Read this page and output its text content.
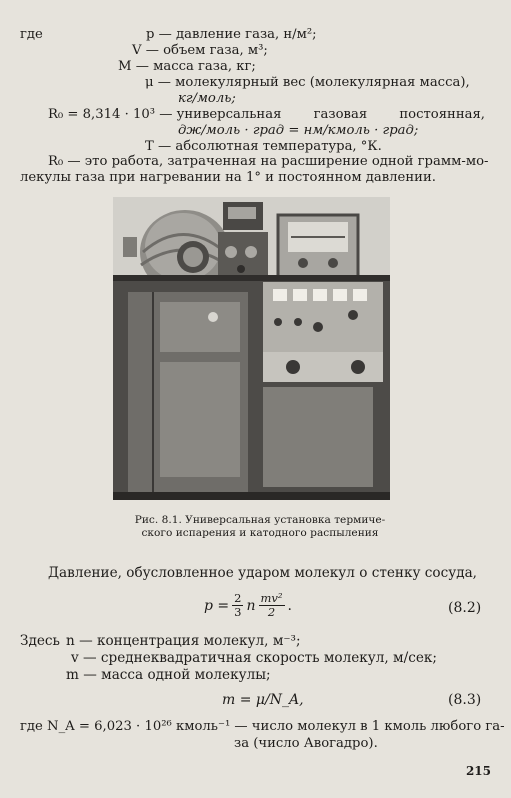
где	p — давление газа, н/м²;
V — объем газа, м³;
M — масса газа, кг;
μ — молекулярный вес (молекулярная масса),
кг/моль;
R₀ = 8,314 · 10³ — универсальная газовая постоянная,
дж/моль · град = нм/кмоль · град;
T — абсолютная температура, °К.
R₀ — это работа, затраченная на расширение одной грамм-мо-
лекулы газа при нагревании на 1° и постоянном давлении.
Рис. 8.1. Универсальная установка термиче-
ского испарения и катодного распыления
Давление, обусловленное ударом молекул о стенку сосуда,
$p = \frac{2}{3}$ n $\frac{\text{mv²}}{2}$ .	(8.2)
Здесь n — концентрация молекул, м⁻³;
v — среднеквадратичная скорость молекул, м/сек;
m — масса одной молекулы;
m = μ/N_A,	(8.3)
где N_A = 6,023 · 10²⁶ кмоль⁻¹ — число молекул в 1 кмоль любого га-
за (число Авогадро).
215
